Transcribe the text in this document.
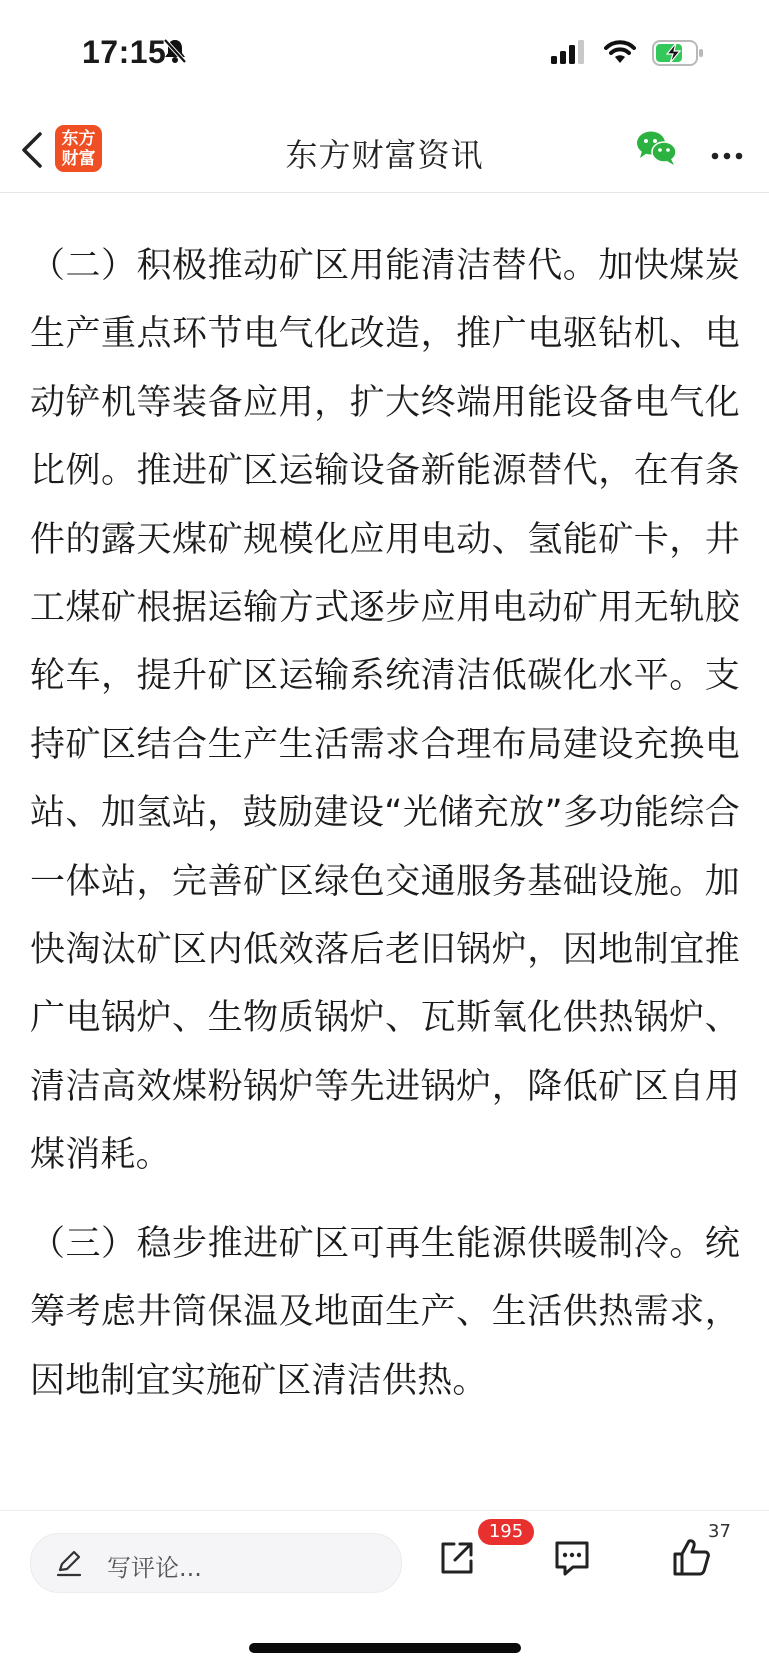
17:15
东方
财富	东方财富资讯

（二）积极推动矿区用能清洁替代。加快煤炭生产重点环节电气化改造，推广电驱钻机、电动铲机等装备应用，扩大终端用能设备电气化比例。推进矿区运输设备新能源替代，在有条件的露天煤矿规模化应用电动、氢能矿卡，井工煤矿根据运输方式逐步应用电动矿用无轨胶轮车，提升矿区运输系统清洁低碳化水平。支持矿区结合生产生活需求合理布局建设充换电站、加氢站，鼓励建设“光储充放”多功能综合一体站，完善矿区绿色交通服务基础设施。加快淘汰矿区内低效落后老旧锅炉，因地制宜推广电锅炉、生物质锅炉、瓦斯氧化供热锅炉、清洁高效煤粉锅炉等先进锅炉，降低矿区自用煤消耗。

（三）稳步推进矿区可再生能源供暖制冷。统筹考虑井筒保温及地面生产、生活供热需求，因地制宜实施矿区清洁供热。

写评论...
195	37
